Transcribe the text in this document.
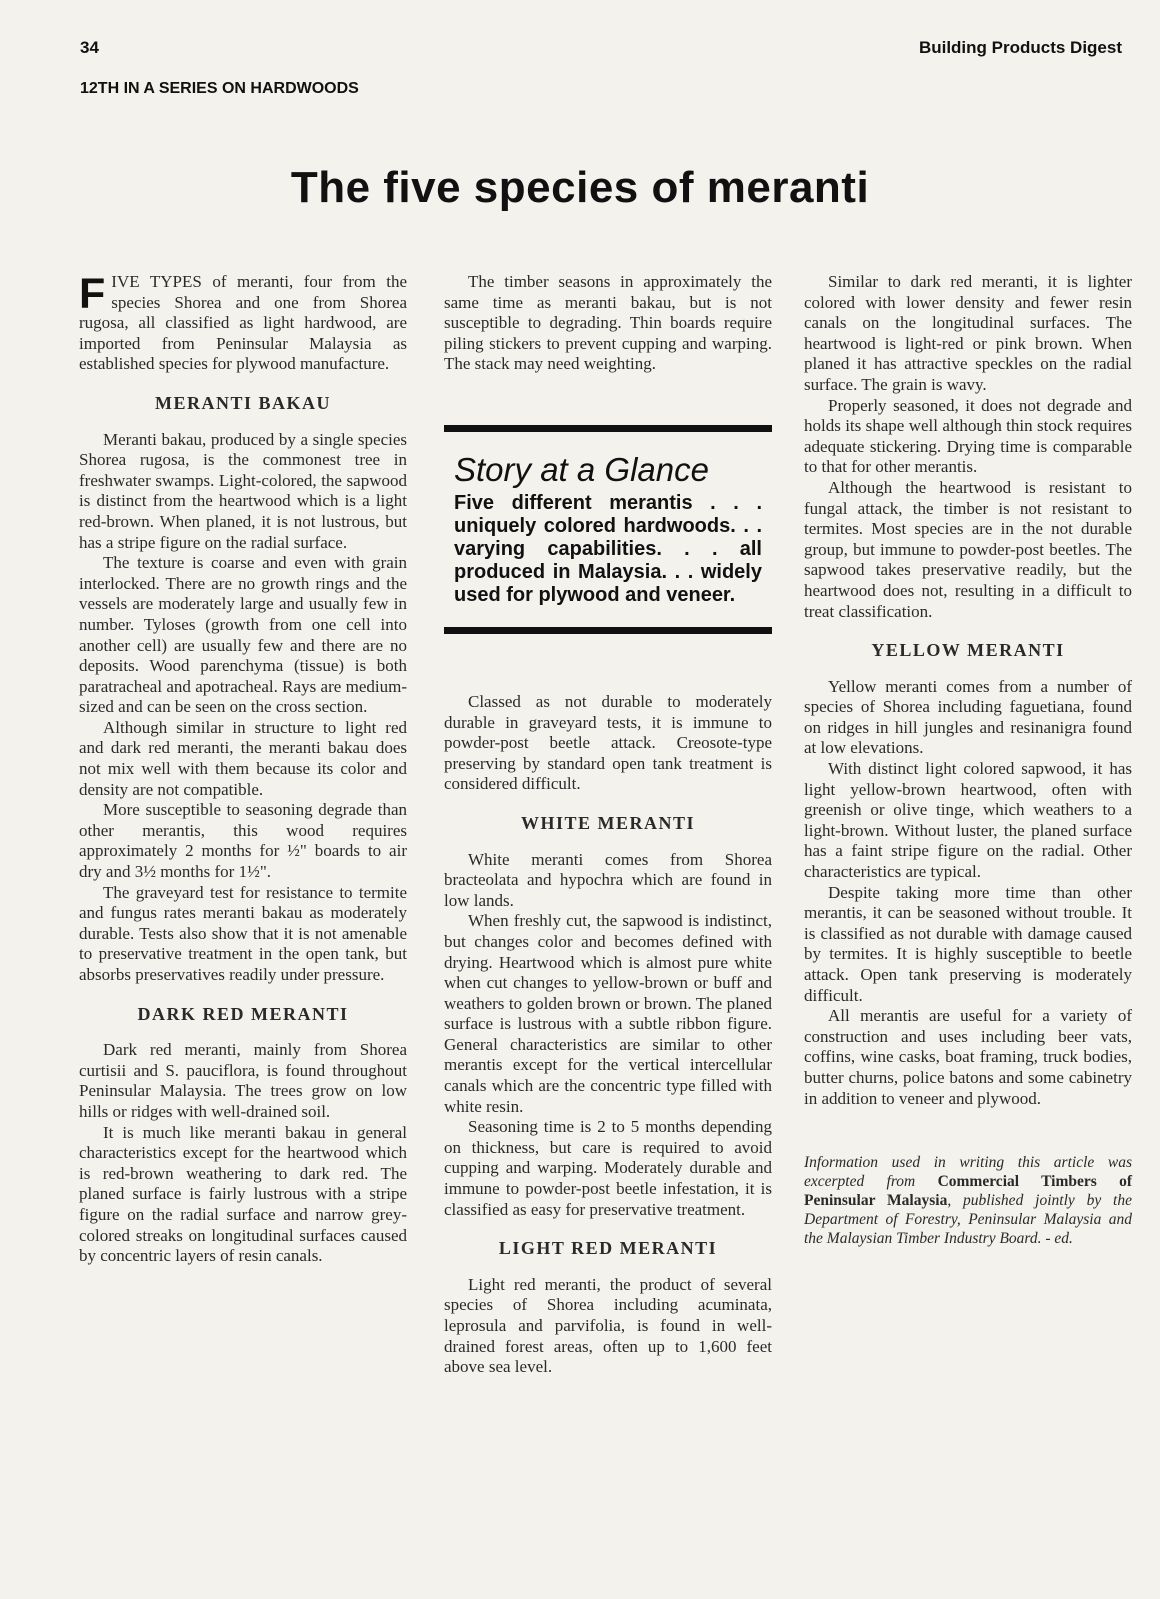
34	Building Products Digest
12TH IN A SERIES ON HARDWOODS
The five species of meranti

FIVE TYPES of meranti, four from the species Shorea and one from Shorea rugosa, all classified as light hardwood, are imported from Peninsular Malaysia as established species for plywood manufacture.

MERANTI BAKAU

Meranti bakau, produced by a single species Shorea rugosa, is the commonest tree in freshwater swamps. Light-colored, the sapwood is distinct from the heartwood which is a light red-brown. When planed, it is not lustrous, but has a stripe figure on the radial surface.

The texture is coarse and even with grain interlocked. There are no growth rings and the vessels are moderately large and usually few in number. Tyloses (growth from one cell into another cell) are usually few and there are no deposits. Wood parenchyma (tissue) is both paratracheal and apotracheal. Rays are medium-sized and can be seen on the cross section.

Although similar in structure to light red and dark red meranti, the meranti bakau does not mix well with them because its color and density are not compatible.

More susceptible to seasoning degrade than other merantis, this wood requires approximately 2 months for ½" boards to air dry and 3½ months for 1½".

The graveyard test for resistance to termite and fungus rates meranti bakau as moderately durable. Tests also show that it is not amenable to preservative treatment in the open tank, but absorbs preservatives readily under pressure.

DARK RED MERANTI

Dark red meranti, mainly from Shorea curtisii and S. pauciflora, is found throughout Peninsular Malaysia. The trees grow on low hills or ridges with well-drained soil.

It is much like meranti bakau in general characteristics except for the heartwood which is red-brown weathering to dark red. The planed surface is fairly lustrous with a stripe figure on the radial surface and narrow grey-colored streaks on longitudinal surfaces caused by concentric layers of resin canals.

The timber seasons in approximately the same time as meranti bakau, but is not susceptible to degrading. Thin boards require piling stickers to prevent cupping and warping. The stack may need weighting.

Story at a Glance
Five different merantis . . . uniquely colored hardwoods. . . varying capabilities. . . all produced in Malaysia. . . widely used for plywood and veneer.

Classed as not durable to moderately durable in graveyard tests, it is immune to powder-post beetle attack. Creosote-type preserving by standard open tank treatment is considered difficult.

WHITE MERANTI

White meranti comes from Shorea bracteolata and hypochra which are found in low lands.

When freshly cut, the sapwood is indistinct, but changes color and becomes defined with drying. Heartwood which is almost pure white when cut changes to yellow-brown or buff and weathers to golden brown or brown. The planed surface is lustrous with a subtle ribbon figure. General characteristics are similar to other merantis except for the vertical intercellular canals which are the concentric type filled with white resin.

Seasoning time is 2 to 5 months depending on thickness, but care is required to avoid cupping and warping. Moderately durable and immune to powder-post beetle infestation, it is classified as easy for preservative treatment.

LIGHT RED MERANTI

Light red meranti, the product of several species of Shorea including acuminata, leprosula and parvifolia, is found in well-drained forest areas, often up to 1,600 feet above sea level.

Similar to dark red meranti, it is lighter colored with lower density and fewer resin canals on the longitudinal surfaces. The heartwood is light-red or pink brown. When planed it has attractive speckles on the radial surface. The grain is wavy.

Properly seasoned, it does not degrade and holds its shape well although thin stock requires adequate stickering. Drying time is comparable to that for other merantis.

Although the heartwood is resistant to fungal attack, the timber is not resistant to termites. Most species are in the not durable group, but immune to powder-post beetles. The sapwood takes preservative readily, but the heartwood does not, resulting in a difficult to treat classification.

YELLOW MERANTI

Yellow meranti comes from a number of species of Shorea including faguetiana, found on ridges in hill jungles and resinanigra found at low elevations.

With distinct light colored sapwood, it has light yellow-brown heartwood, often with greenish or olive tinge, which weathers to a light-brown. Without luster, the planed surface has a faint stripe figure on the radial. Other characteristics are typical.

Despite taking more time than other merantis, it can be seasoned without trouble. It is classified as not durable with damage caused by termites. It is highly susceptible to beetle attack. Open tank preserving is moderately difficult.

All merantis are useful for a variety of construction and uses including beer vats, coffins, wine casks, boat framing, truck bodies, butter churns, police batons and some cabinetry in addition to veneer and plywood.

Information used in writing this article was excerpted from Commercial Timbers of Peninsular Malaysia, published jointly by the Department of Forestry, Peninsular Malaysia and the Malaysian Timber Industry Board. - ed.
